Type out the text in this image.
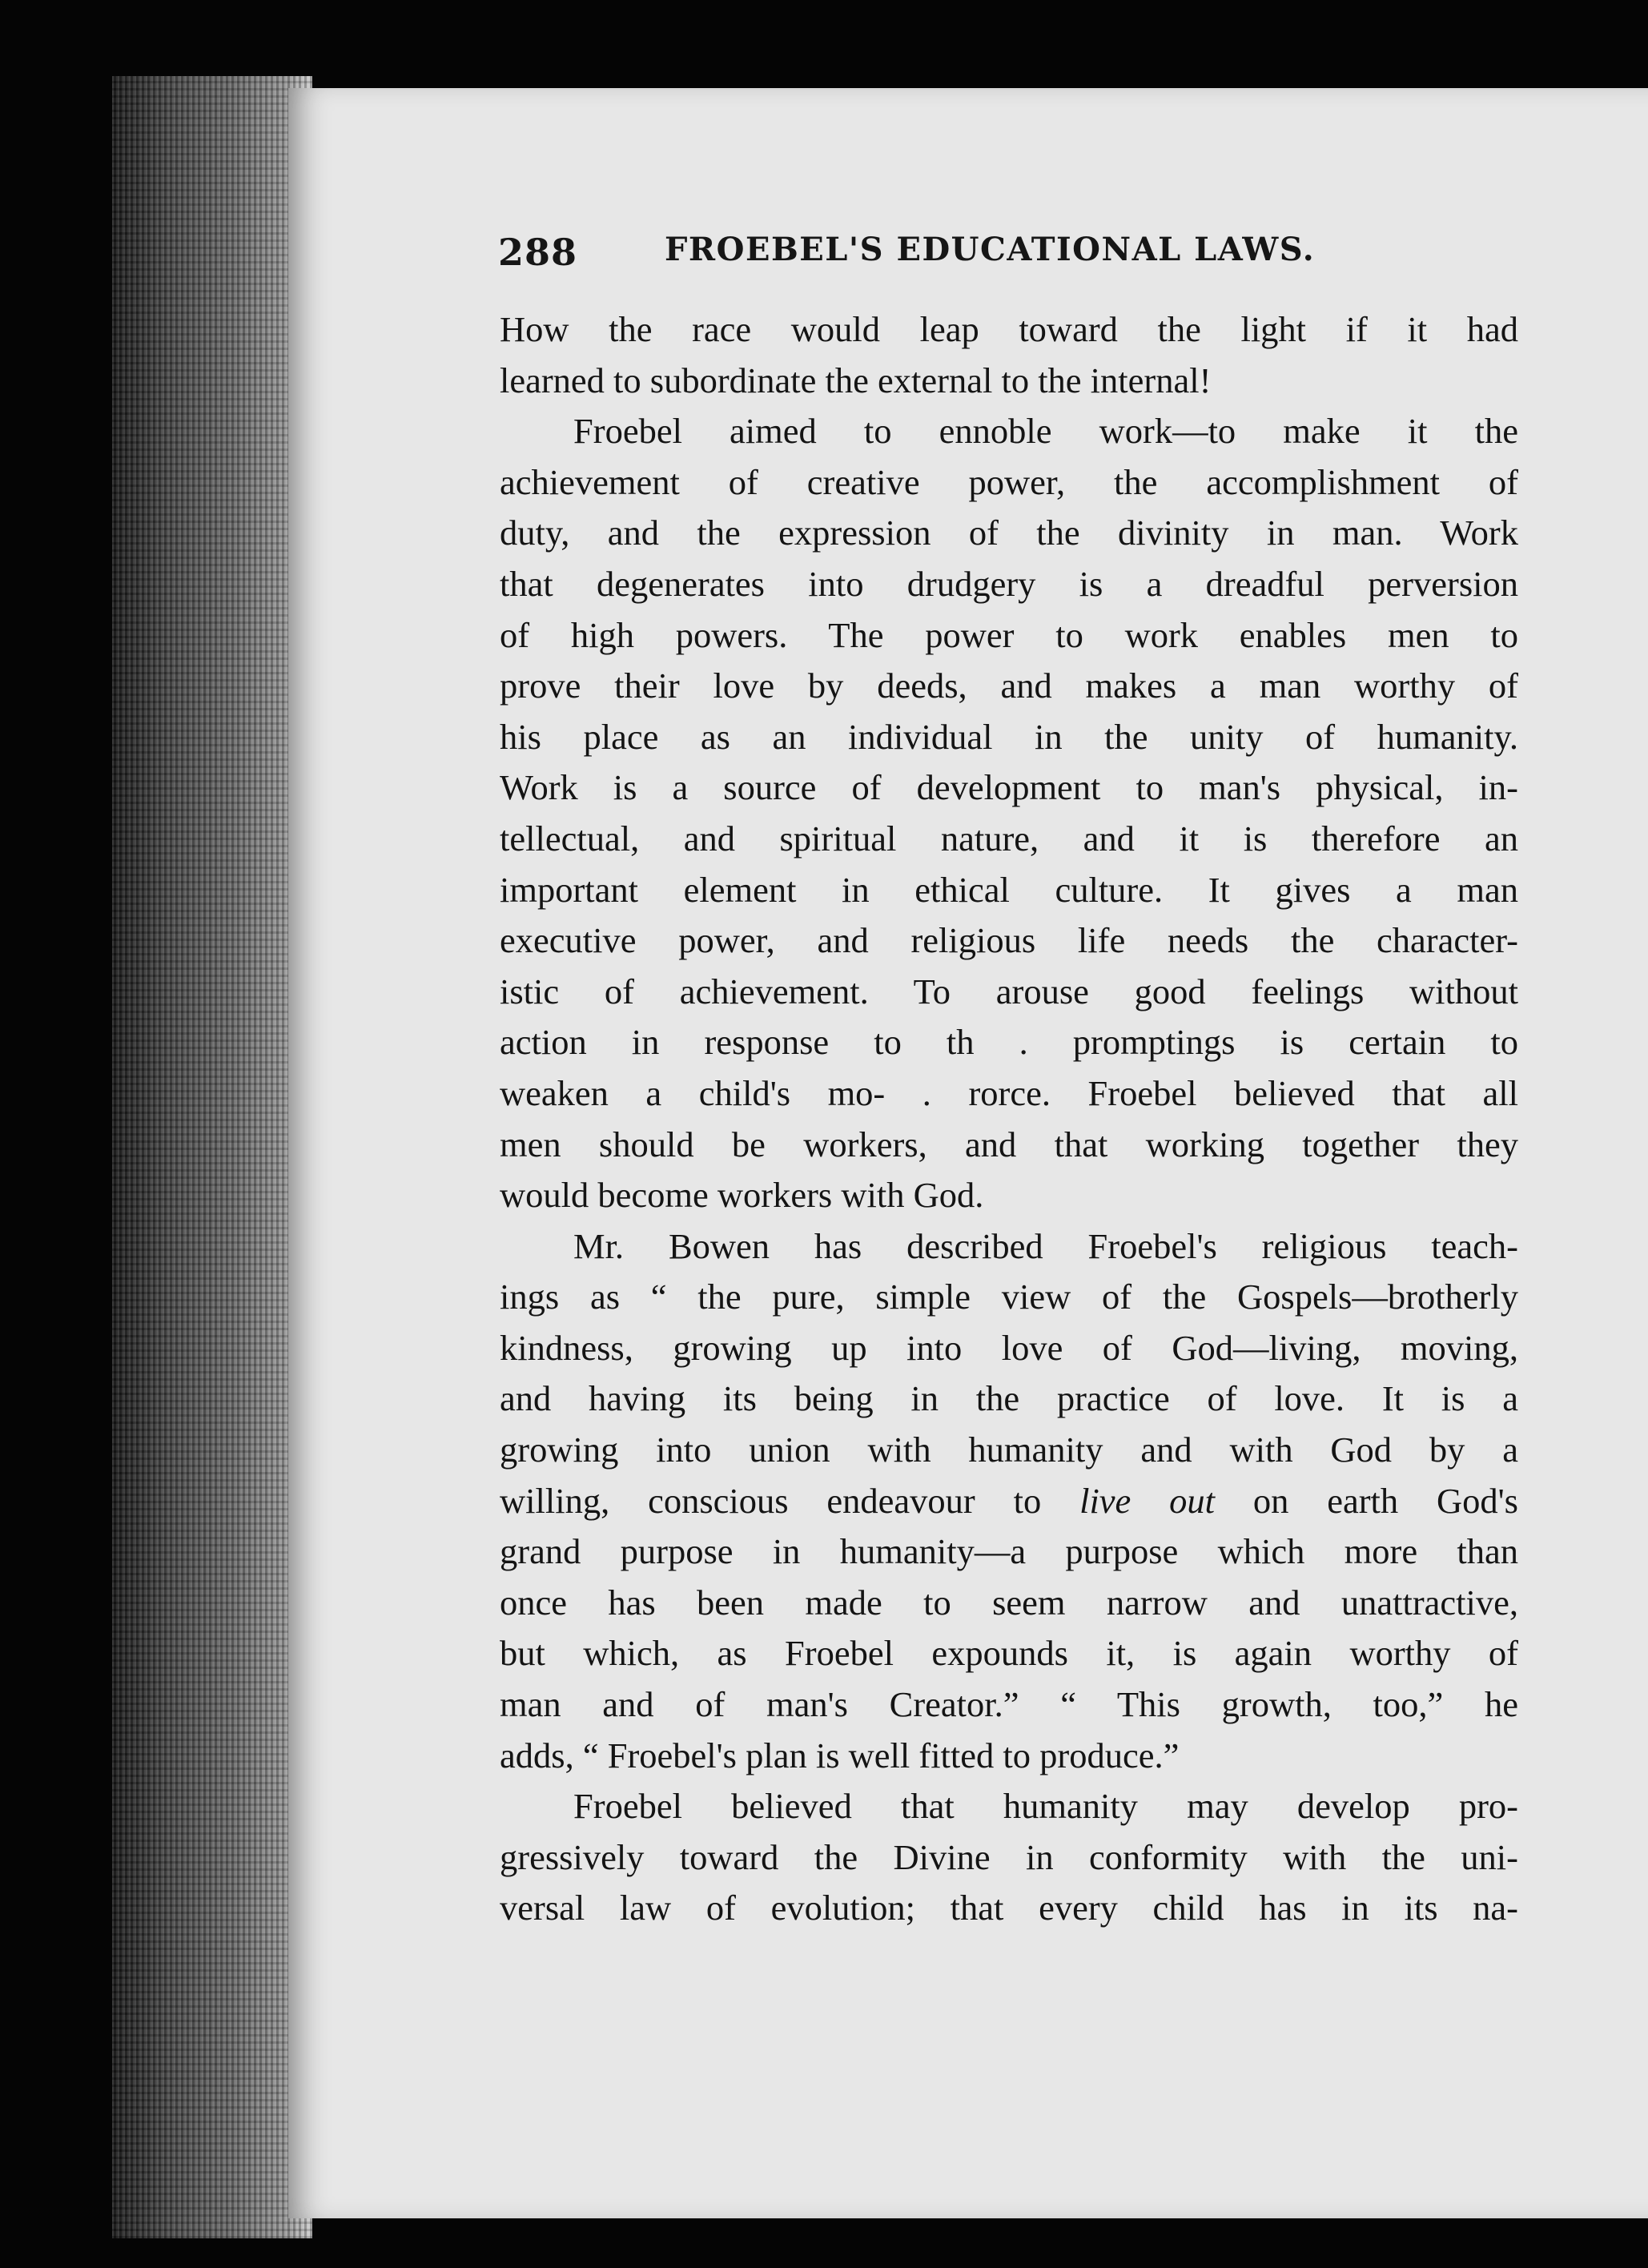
288	FROEBEL'S EDUCATIONAL LAWS.
How the race would leap toward the light if it had
learned to subordinate the external to the internal!
Froebel aimed to ennoble work—to make it the
achievement of creative power, the accomplishment of
duty, and the expression of the divinity in man. Work
that degenerates into drudgery is a dreadful perversion
of high powers. The power to work enables men to
prove their love by deeds, and makes a man worthy of
his place as an individual in the unity of humanity.
Work is a source of development to man's physical, in-
tellectual, and spiritual nature, and it is therefore an
important element in ethical culture. It gives a man
executive power, and religious life needs the character-
istic of achievement. To arouse good feelings without
action in response to th . promptings is certain to
weaken a child's mo- . rorce. Froebel believed that all
men should be workers, and that working together they
would become workers with God.
Mr. Bowen has described Froebel's religious teach-
ings as “ the pure, simple view of the Gospels—brotherly
kindness, growing up into love of God—living, moving,
and having its being in the practice of love. It is a
growing into union with humanity and with God by a
willing, conscious endeavour to live out on earth God's
grand purpose in humanity—a purpose which more than
once has been made to seem narrow and unattractive,
but which, as Froebel expounds it, is again worthy of
man and of man's Creator.” “ This growth, too,” he
adds, “ Froebel's plan is well fitted to produce.”
Froebel believed that humanity may develop pro-
gressively toward the Divine in conformity with the uni-
versal law of evolution; that every child has in its na-
